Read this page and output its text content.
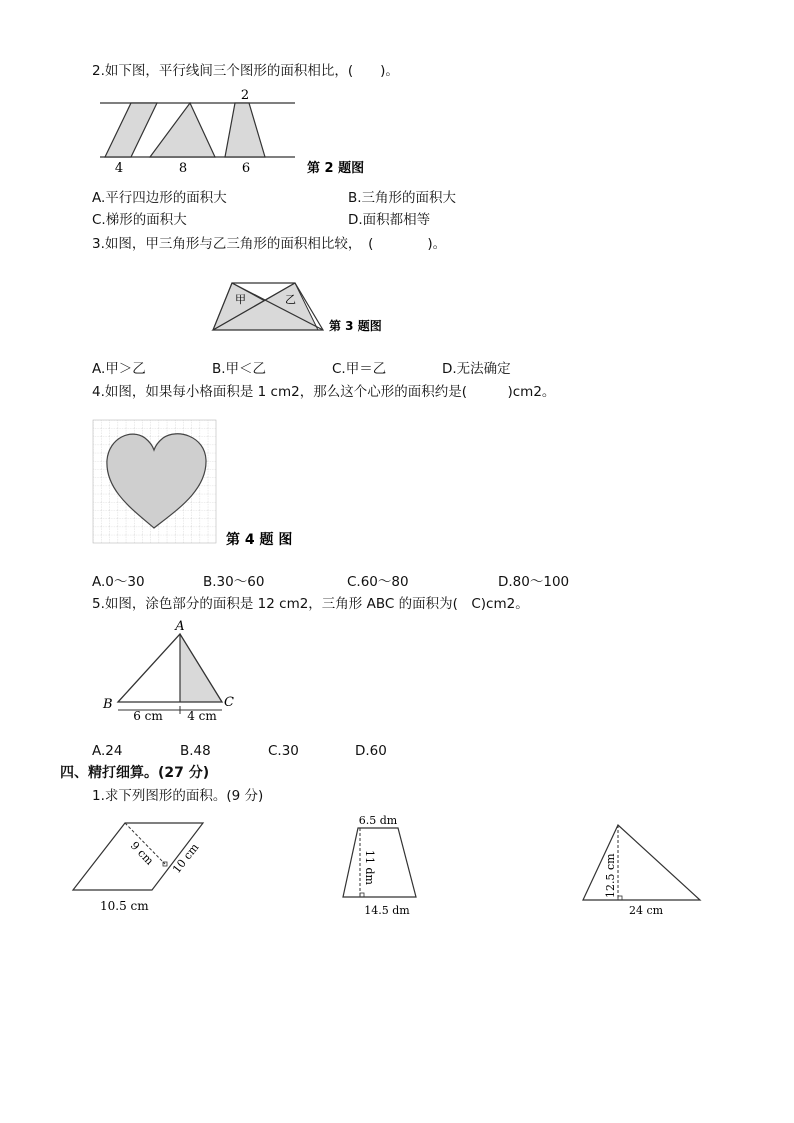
2.如下图，平行线间三个图形的面积相比，(　　)。
2
4	8	6	第 2 题图
A.平行四边形的面积大	B.三角形的面积大
C.梯形的面积大	D.面积都相等
3.如图，甲三角形与乙三角形的面积相比较，　(　　　　)。
甲	乙
第 3 题图
A.甲＞乙	B.甲＜乙	C.甲＝乙	D.无法确定
4.如图，如果每小格面积是 1 cm2，那么这个心形的面积约是(　　　)cm2。
第 4 题 图
A.0～30	B.30～60	C.60～80	D.80～100
5.如图，涂色部分的面积是 12 cm2，三角形 ABC 的面积为(　C)cm2。
A
B	C
6 cm 4 cm
A.24	B.48	C.30	D.60
四、精打细算。(27 分)
1.求下列图形的面积。(9 分)
9 cm 10 cm
10.5 cm
6.5 dm
11 dm
14.5 dm
12.5 cm
24 cm
